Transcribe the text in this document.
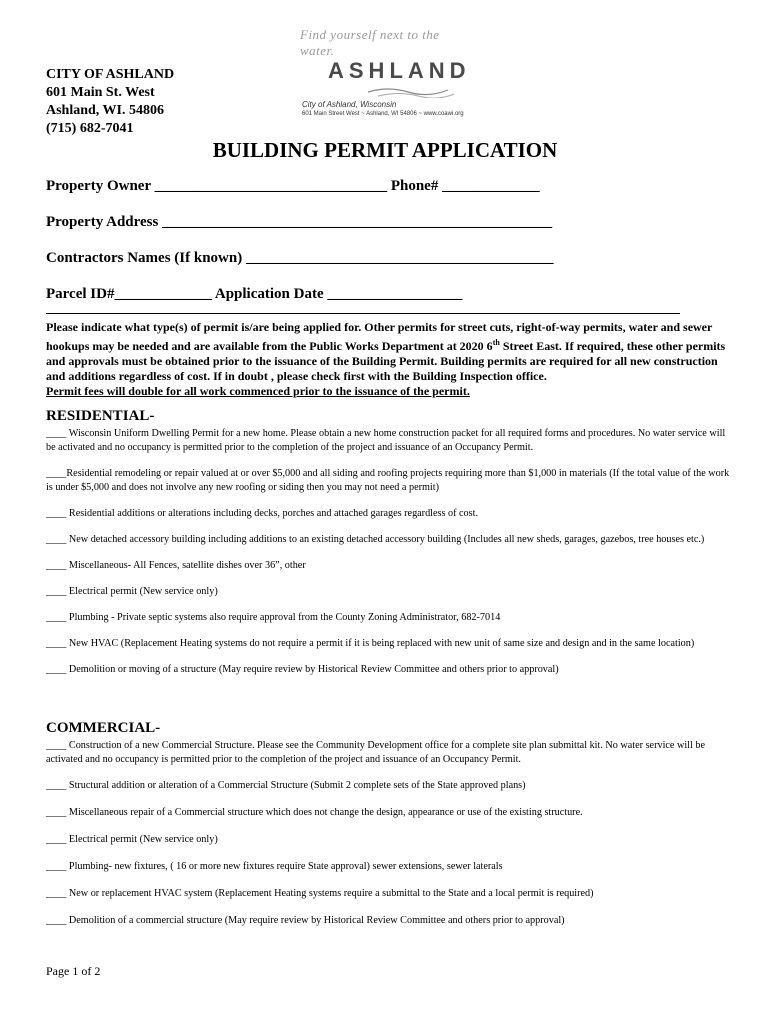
CITY OF ASHLAND
601 Main St. West
Ashland, WI. 54806
(715) 682-7041
Find yourself next to the water.
ASHLAND
City of Ashland, Wisconsin
601 Main Street West ~ Ashland, WI 54806 ~ www.coawi.org
BUILDING PERMIT APPLICATION
Property Owner _______________________________ Phone# _____________
Property Address ____________________________________________________
Contractors Names (If known) _________________________________________
Parcel ID#_____________ Application Date __________________
Please indicate what type(s) of permit is/are being applied for. Other permits for street cuts, right-of-way permits, water and sewer hookups may be needed and are available from the Public Works Department at 2020 6th Street East. If required, these other permits and approvals must be obtained prior to the issuance of the Building Permit. Building permits are required for all new construction and additions regardless of cost. If in doubt , please check first with the Building Inspection office.
Permit fees will double for all work commenced prior to the issuance of the permit.
RESIDENTIAL-

____ Wisconsin Uniform Dwelling Permit for a new home. Please obtain a new home construction packet for all required forms and procedures. No water service will be activated and no occupancy is permitted prior to the completion of the project and issuance of an Occupancy Permit.

____Residential remodeling or repair valued at or over $5,000 and all siding and roofing projects requiring more than $1,000 in materials (If the total value of the work is under $5,000 and does not involve any new roofing or siding then you may not need a permit)

____ Residential additions or alterations including decks, porches and attached garages regardless of cost.

____ New detached accessory building including additions to an existing detached accessory building (Includes all new sheds, garages, gazebos, tree houses etc.)

____ Miscellaneous- All Fences, satellite dishes over 36”, other

____ Electrical permit (New service only)

____ Plumbing - Private septic systems also require approval from the County Zoning Administrator, 682-7014

____ New HVAC (Replacement Heating systems do not require a permit if it is being replaced with new unit of same size and design and in the same location)

____ Demolition or moving of a structure (May require review by Historical Review Committee and others prior to approval)

COMMERCIAL-

____ Construction of a new Commercial Structure. Please see the Community Development office for a complete site plan submittal kit. No water service will be activated and no occupancy is permitted prior to the completion of the project and issuance of an Occupancy Permit.

____ Structural addition or alteration of a Commercial Structure (Submit 2 complete sets of the State approved plans)

____ Miscellaneous repair of a Commercial structure which does not change the design, appearance or use of the existing structure.

____ Electrical permit (New service only)

____ Plumbing- new fixtures, ( 16 or more new fixtures require State approval) sewer extensions, sewer laterals

____ New or replacement HVAC system (Replacement Heating systems require a submittal to the State and a local permit is required)

____ Demolition of a commercial structure (May require review by Historical Review Committee and others prior to approval)

Page 1 of 2
